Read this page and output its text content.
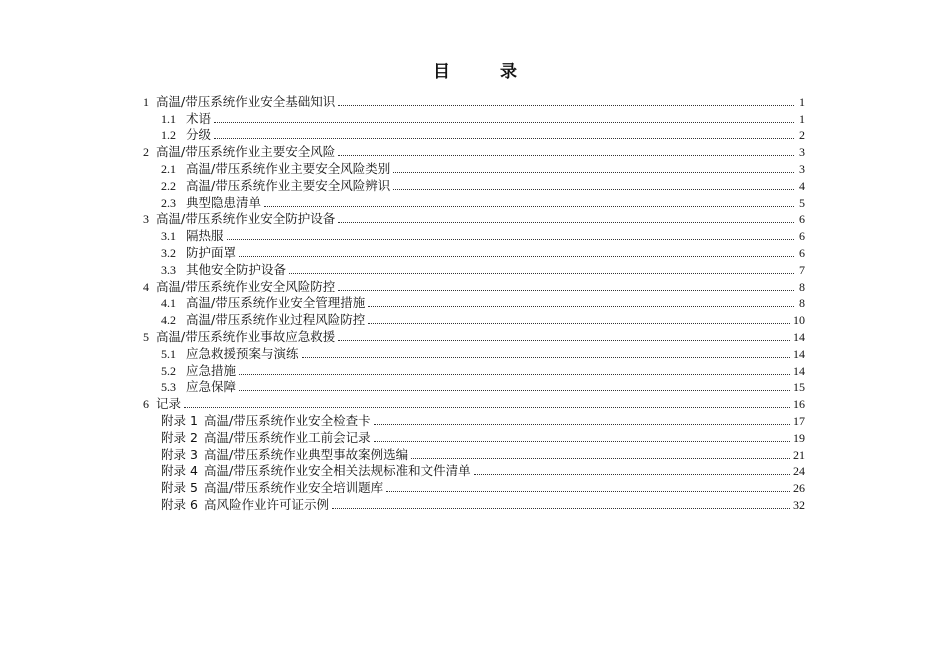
目 录
1 高温/带压系统作业安全基础知识	1
1.1 术语	1
1.2 分级	2
2 高温/带压系统作业主要安全风险	3
2.1 高温/带压系统作业主要安全风险类别	3
2.2 高温/带压系统作业主要安全风险辨识	4
2.3 典型隐患清单	5
3 高温/带压系统作业安全防护设备	6
3.1 隔热服	6
3.2 防护面罩	6
3.3 其他安全防护设备	7
4 高温/带压系统作业安全风险防控	8
4.1 高温/带压系统作业安全管理措施	8
4.2 高温/带压系统作业过程风险防控	10
5 高温/带压系统作业事故应急救援	14
5.1 应急救援预案与演练	14
5.2 应急措施	14
5.3 应急保障	15
6 记录	16
附录 1 高温/带压系统作业安全检查卡	17
附录 2 高温/带压系统作业工前会记录	19
附录 3 高温/带压系统作业典型事故案例选编	21
附录 4 高温/带压系统作业安全相关法规标准和文件清单	24
附录 5 高温/带压系统作业安全培训题库	26
附录 6 高风险作业许可证示例	32
